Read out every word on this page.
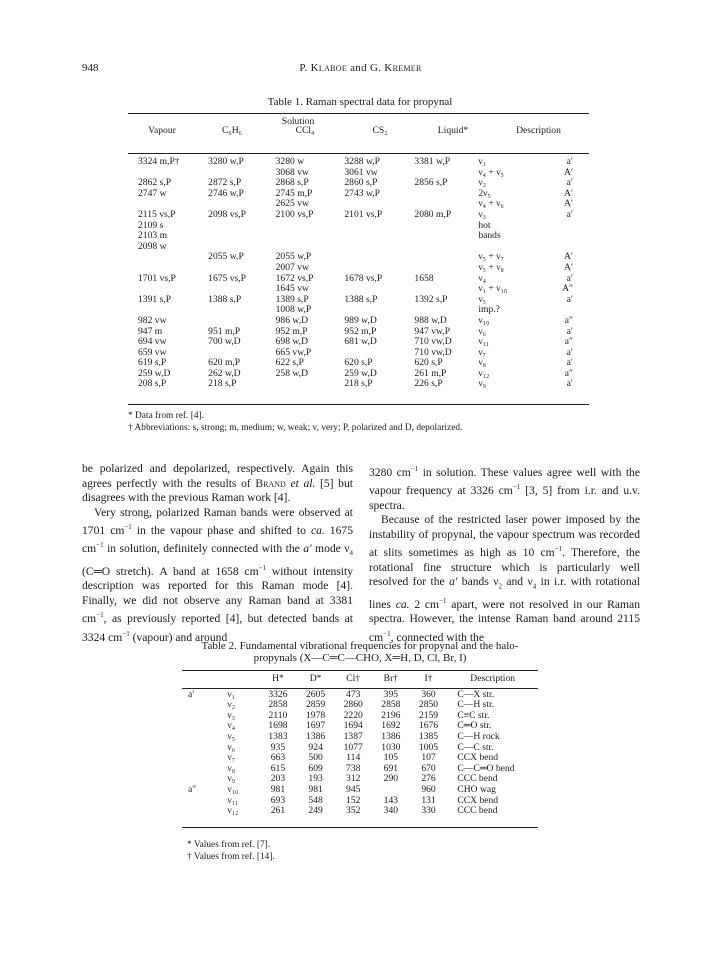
948	P. Klaboe and G. Kremer
Table 1. Raman spectral data for propynal
Solution
Vapour	C₆H₆	CCl₄	CS₂	Liquid*	Description
3324 m,P†	3280 w,P	3280 w	3288 w,P	3381 w,P	ν₁	a′
		3068 vw	3061 vw		ν₄ + ν₅	A′
2862 s,P	2872 s,P	2868 s,P	2860 s,P	2856 s,P	ν₂	a′
2747 w	2746 w,P	2745 m,P	2743 w,P		2ν₅	A′
		2625 vw			ν₄ + ν₆	A′
2115 vs,P	2098 vs,P	2100 vs,P	2101 vs,P	2080 m,P	ν₃	a′
2109 s					hot	
2103 m					bands	
2098 w						
	2055 w,P	2055 w,P			ν₅ + ν₇	A′
		2007 vw			ν₅ + ν₈	A′
1701 vs,P	1675 vs,P	1672 vs,P	1678 vs,P	1658	ν₄	a′
		1645 vw			ν₁ + ν₁₀	A″
1391 s,P	1388 s,P	1389 s,P	1388 s,P	1392 s,P	ν₅	a′
		1008 w,P			imp.?	
982 vw		986 w,D	989 w,D	988 w,D	ν₁₀	a″
947 m	951 m,P	952 m,P	952 m,P	947 vw,P	ν₆	a′
694 vw	700 w,D	698 w,D	681 w,D	710 vw,D	ν₁₁	a″
659 vw		665 vw,P		710 vw,D	ν₇	a′
619 s,P	620 m,P	622 s,P	620 s,P	620 s,P	ν₈	a′
259 w,D	262 w,D	258 w,D	259 w,D	261 m,P	ν₁₂	a″
208 s,P	218 s,P		218 s,P	226 s,P	ν₉	a′
* Data from ref. [4].
† Abbreviations: s, strong; m, medium; w, weak; v, very; P, polarized and D, depolarized.

be polarized and depolarized, respectively. Again this agrees perfectly with the results of Brand et al. [5] but disagrees with the previous Raman work [4].

Very strong, polarized Raman bands were observed at 1701 $cm^{-1}$ in the vapour phase and shifted to ca. 1675 $cm^{-1}$ in solution, definitely connected with the a′ mode $\nu_4$ (C═O stretch). A band at 1658 $cm^{-1}$ without intensity description was reported for this Raman mode [4]. Finally, we did not observe any Raman band at 3381 $cm^{-1}$, as previously reported [4], but detected bands at 3324 $cm^{-1}$ (vapour) and around

3280 $cm^{-1}$ in solution. These values agree well with the vapour frequency at 3326 $cm^{-1}$ [3, 5] from i.r. and u.v. spectra.

Because of the restricted laser power imposed by the instability of propynal, the vapour spectrum was recorded at slits sometimes as high as 10 $cm^{-1}$. Therefore, the rotational fine structure which is particularly well resolved for the a′ bands $\nu_2$ and $\nu_4$ in i.r. with rotational lines ca. 2 $cm^{-1}$ apart, were not resolved in our Raman spectra. However, the intense Raman band around 2115 $cm^{-1}$, connected with the

Table 2. Fundamental vibrational frequencies for propynal and the halo-
propynals (X—C═C—CHO, X═H, D, Cl, Br, I)
		H*	D*	Cl†	Br†	I†	Description
a′	ν₁	3326	2605	473	395	360	C—X str.
	ν₂	2858	2859	2860	2858	2850	C—H str.
	ν₃	2110	1978	2220	2196	2159	C≡C str.
	ν₄	1698	1697	1694	1692	1676	C═O str.
	ν₅	1383	1386	1387	1386	1385	C—H rock
	ν₆	935	924	1077	1030	1005	C—C str.
	ν₇	663	500	114	105	107	CCX bend
	ν₈	615	609	738	691	670	C—C═O bend
	ν₉	203	193	312	290	276	CCC bend
a″	ν₁₀	981	981	945		960	CHO wag
	ν₁₁	693	548	152	143	131	CCX bend
	ν₁₂	261	249	352	340	330	CCC bend
* Values from ref. [7].
† Values from ref. [14].
